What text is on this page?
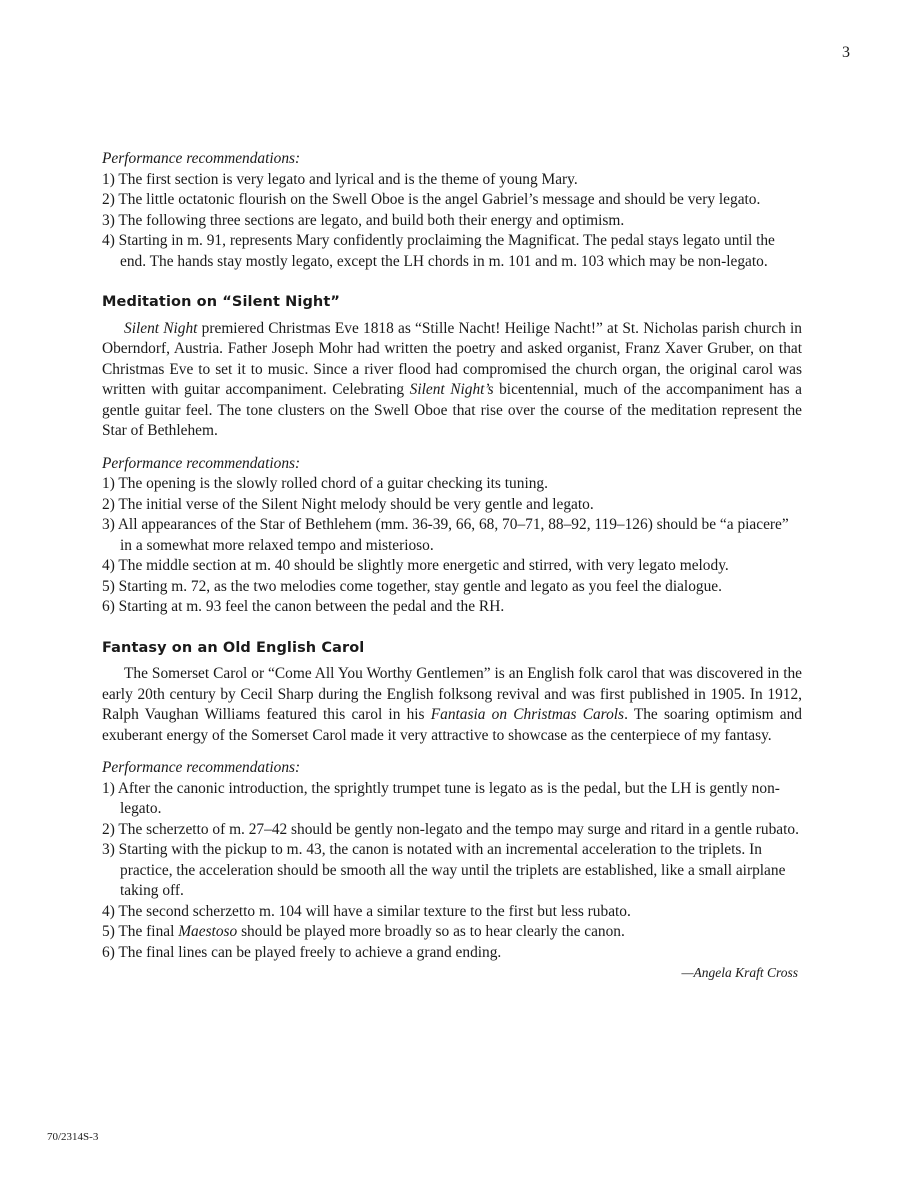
3

Performance recommendations:

1) The first section is very legato and lyrical and is the theme of young Mary.
2) The little octatonic flourish on the Swell Oboe is the angel Gabriel’s message and should be very legato.
3) The following three sections are legato, and build both their energy and optimism.
4) Starting in m. 91, represents Mary confidently proclaiming the Magnificat. The pedal stays legato until the end. The hands stay mostly legato, except the LH chords in m. 101 and m. 103 which may be non-legato.
Meditation on “Silent Night”

Silent Night premiered Christmas Eve 1818 as “Stille Nacht! Heilige Nacht!” at St. Nicholas parish church in Oberndorf, Austria. Father Joseph Mohr had written the poetry and asked organist, Franz Xaver Gruber, on that Christmas Eve to set it to music. Since a river flood had compromised the church organ, the original carol was written with guitar accompaniment. Celebrating Silent Night’s bicentennial, much of the accompaniment has a gentle guitar feel. The tone clusters on the Swell Oboe that rise over the course of the meditation represent the Star of Bethlehem.

Performance recommendations:

1) The opening is the slowly rolled chord of a guitar checking its tuning.
2) The initial verse of the Silent Night melody should be very gentle and legato.
3) All appearances of the Star of Bethlehem (mm. 36-39, 66, 68, 70–71, 88–92, 119–126) should be “a piacere” in a somewhat more relaxed tempo and misterioso.
4) The middle section at m. 40 should be slightly more energetic and stirred, with very legato melody.
5) Starting m. 72, as the two melodies come together, stay gentle and legato as you feel the dialogue.
6) Starting at m. 93 feel the canon between the pedal and the RH.
Fantasy on an Old English Carol

The Somerset Carol or “Come All You Worthy Gentlemen” is an English folk carol that was discovered in the early 20th century by Cecil Sharp during the English folksong revival and was first published in 1905. In 1912, Ralph Vaughan Williams featured this carol in his Fantasia on Christmas Carols. The soaring optimism and exuberant energy of the Somerset Carol made it very attractive to showcase as the centerpiece of my fantasy.

Performance recommendations:

1) After the canonic introduction, the sprightly trumpet tune is legato as is the pedal, but the LH is gently non-legato.
2) The scherzetto of m. 27–42 should be gently non-legato and the tempo may surge and ritard in a gentle rubato.
3) Starting with the pickup to m. 43, the canon is notated with an incremental acceleration to the triplets. In practice, the acceleration should be smooth all the way until the triplets are established, like a small airplane taking off.
4) The second scherzetto m. 104 will have a similar texture to the first but less rubato.
5) The final Maestoso should be played more broadly so as to hear clearly the canon.
6) The final lines can be played freely to achieve a grand ending.

—Angela Kraft Cross

70/2314S-3
